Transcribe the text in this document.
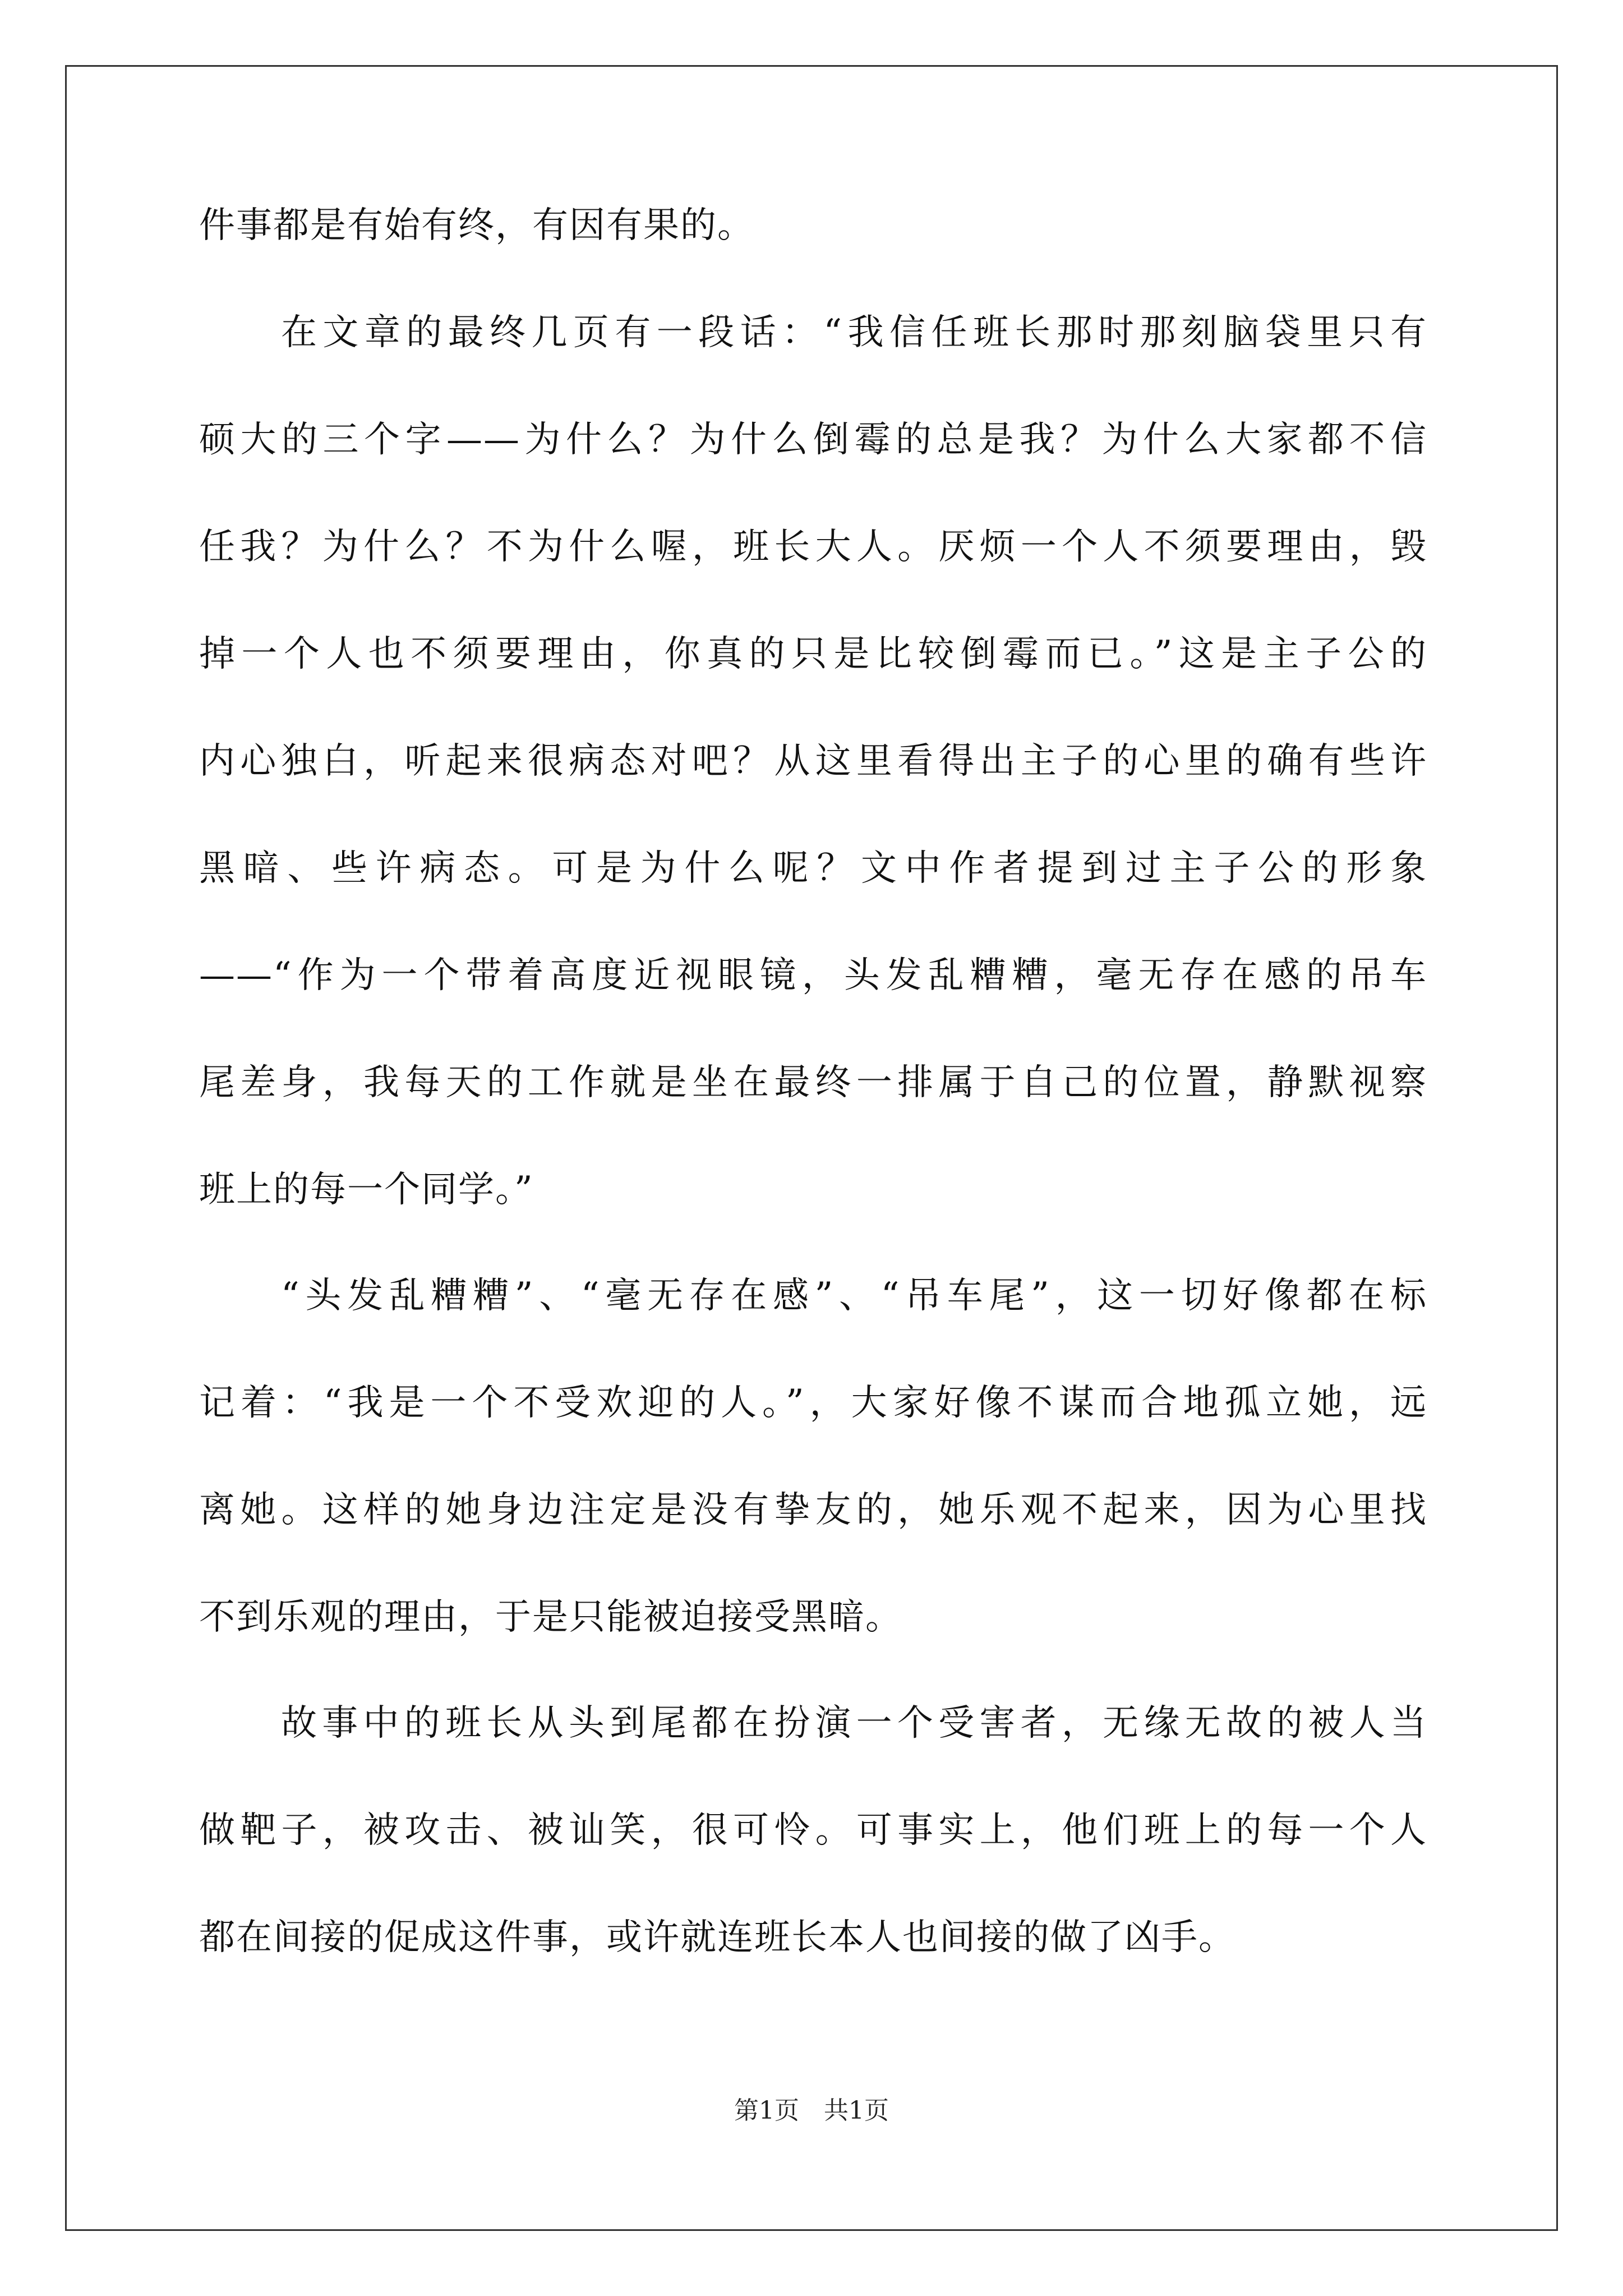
件事都是有始有终，有因有果的。
在文章的最终几页有一段话：“我信任班长那时那刻脑袋里只有
硕大的三个字——为什么？为什么倒霉的总是我？为什么大家都不信
任我？为什么？不为什么喔，班长大人。厌烦一个人不须要理由，毁
掉一个人也不须要理由，你真的只是比较倒霉而已。”这是主子公的
内心独白，听起来很病态对吧？从这里看得出主子的心里的确有些许
黑暗、些许病态。可是为什么呢？文中作者提到过主子公的形象
——“作为一个带着高度近视眼镜，头发乱糟糟，毫无存在感的吊车
尾差身，我每天的工作就是坐在最终一排属于自己的位置，静默视察
班上的每一个同学。”
“头发乱糟糟”、“毫无存在感”、“吊车尾”，这一切好像都在标
记着：“我是一个不受欢迎的人。”，大家好像不谋而合地孤立她，远
离她。这样的她身边注定是没有挚友的，她乐观不起来，因为心里找
不到乐观的理由，于是只能被迫接受黑暗。
故事中的班长从头到尾都在扮演一个受害者，无缘无故的被人当
做靶子，被攻击、被讪笑，很可怜。可事实上，他们班上的每一个人
都在间接的促成这件事，或许就连班长本人也间接的做了凶手。
第1页　共1页
